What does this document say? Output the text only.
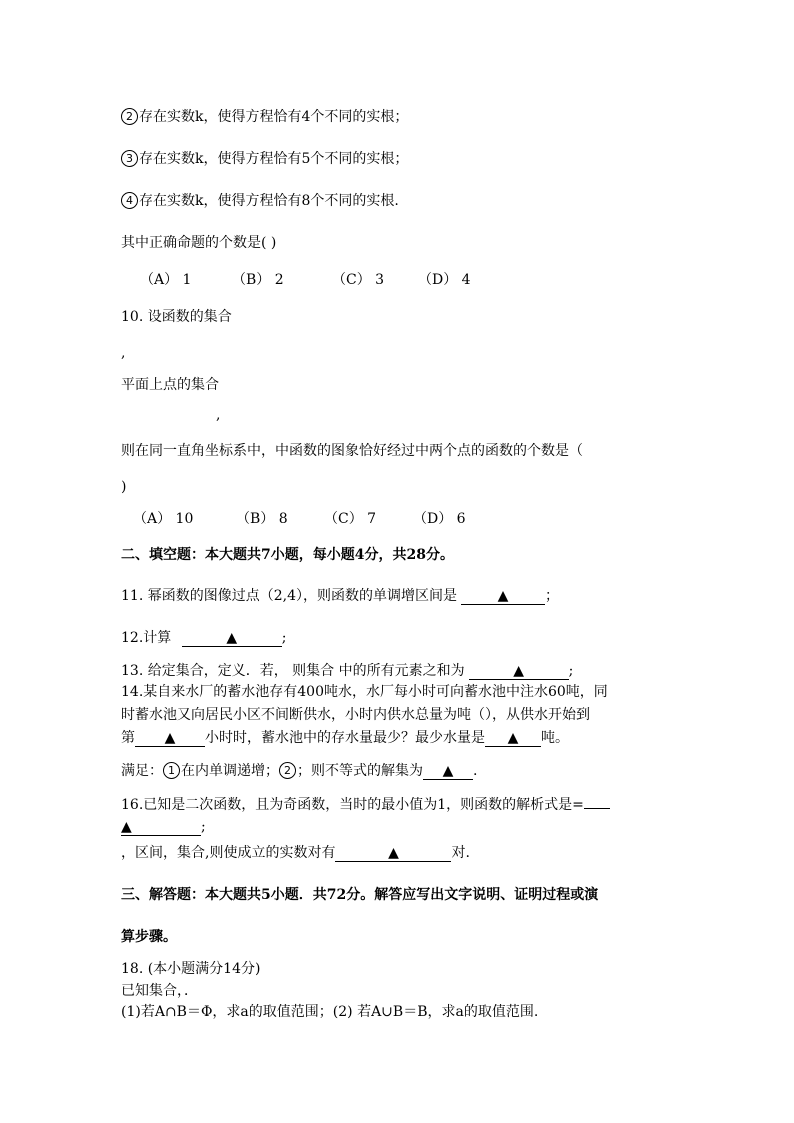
2 存在实数k，使得方程恰有4个不同的实根；
3 存在实数k，使得方程恰有5个不同的实根；
4 存在实数k，使得方程恰有8个不同的实根.
其中正确命题的个数是( )
（A） 1	（B） 2	（C） 3 （D） 4
10. 设函数的集合
,
平面上点的集合
,
则在同一直角坐标系中，中函数的图象恰好经过中两个点的函数的个数是（
)
（A） 10	（B） 8	（C） 7	（D） 6
二、填空题：本大题共7小题，每小题4分，共28分。
11. 幂函数的图像过点（2,4），则函数的单调增区间是	▲	；
12.计算	▲	;
13. 给定集合，定义．若， 则集合 中的所有元素之和为	▲	;
14.某自来水厂的蓄水池存有400吨水，水厂每小时可向蓄水池中注水60吨，同
时蓄水池又向居民小区不间断供水，小时内供水总量为吨（），从供水开始到
第 ▲ 小时时，蓄水池中的存水量最少？最少水量是 ▲ 吨。
满足： 1 在内单调递增； 2 ；则不等式的解集为 ▲ .
16.已知是二次函数，且为奇函数，当时的最小值为1，则函数的解析式是=
▲	;
，区间，集合,则使成立的实数对有	▲	对.
三、解答题：本大题共5小题．共72分。解答应写出文字说明、证明过程或演
算步骤。
18. (本小题满分14分)
已知集合，．
(1)若A∩B＝Φ，求a的取值范围；(2) 若A∪B＝B，求a的取值范围.
